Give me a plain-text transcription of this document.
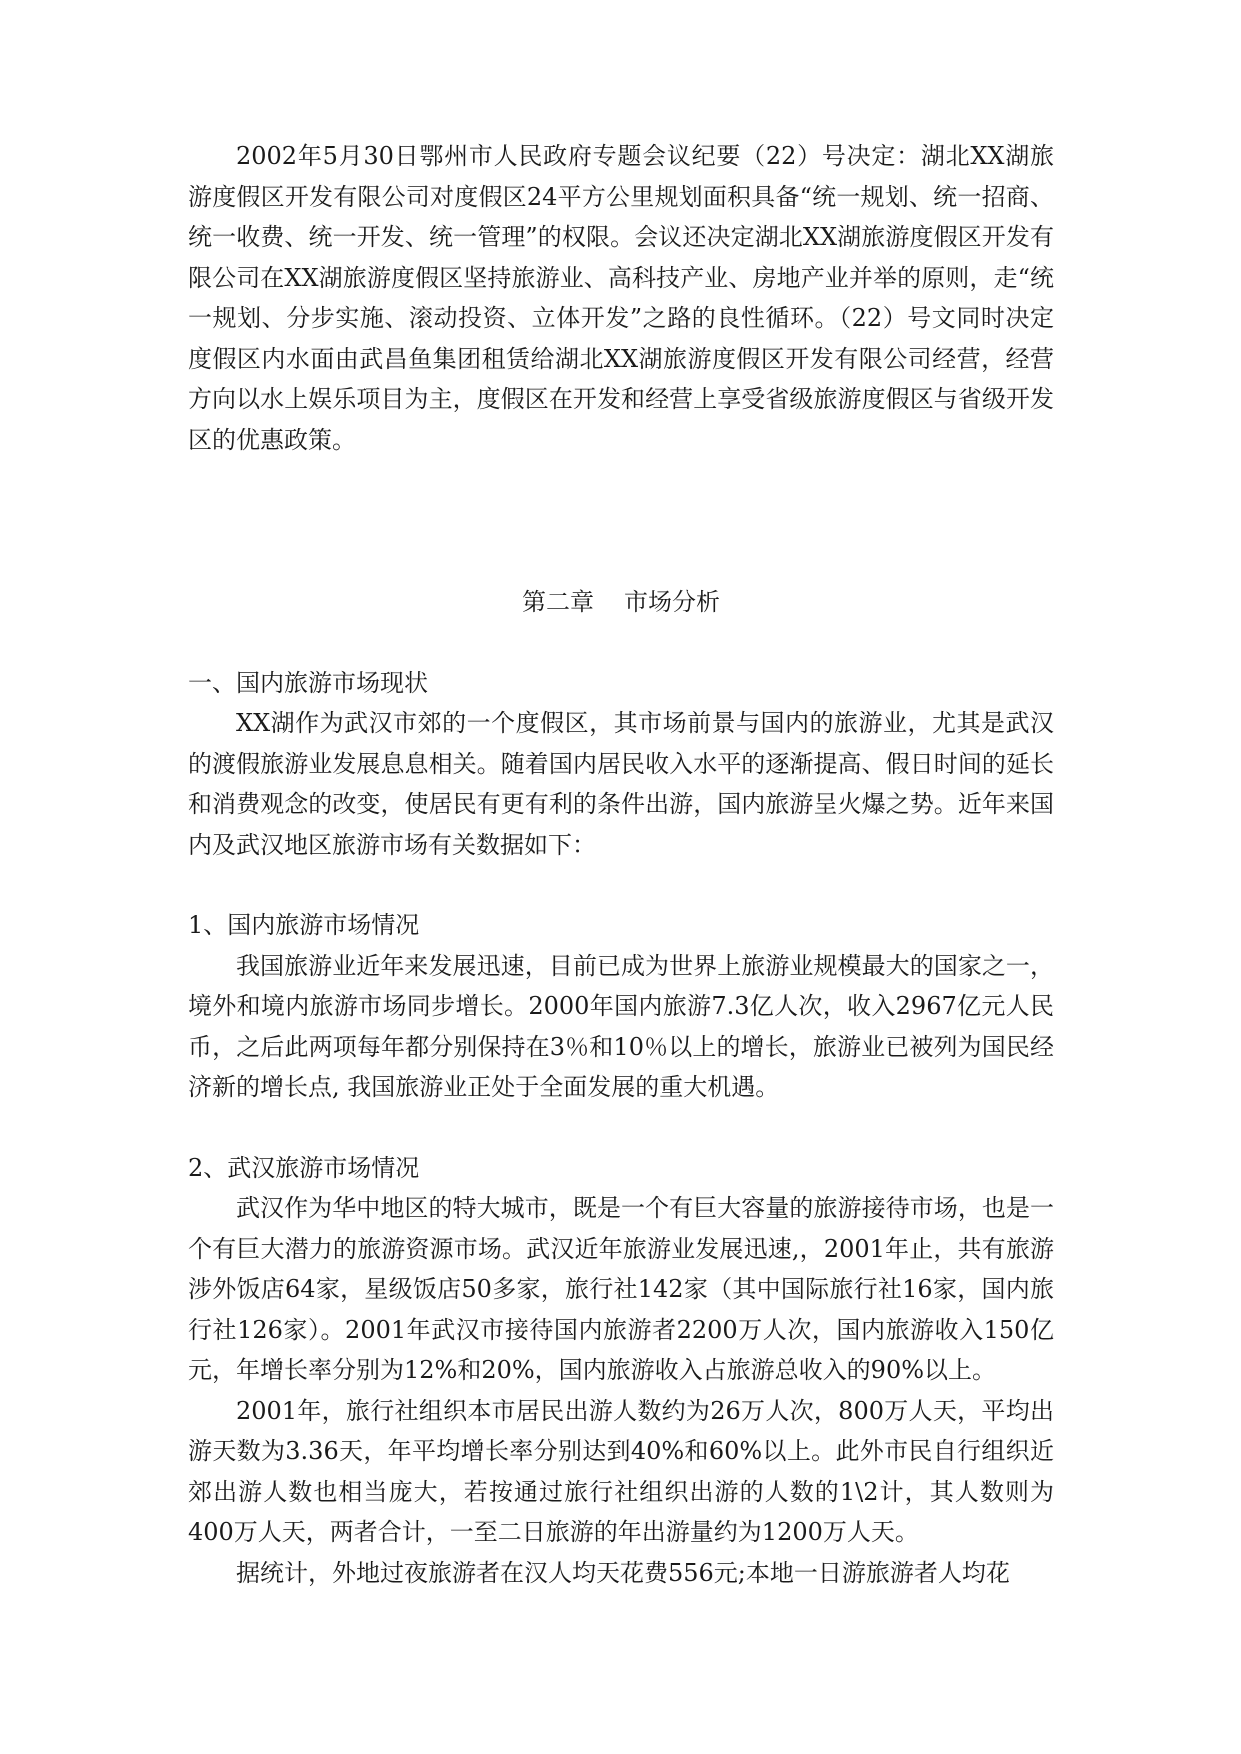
2002年5月30日鄂州市人民政府专题会议纪要（22）号决定：湖北XX湖旅游度假区开发有限公司对度假区24平方公里规划面积具备“统一规划、统一招商、统一收费、统一开发、统一管理”的权限。会议还决定湖北XX湖旅游度假区开发有限公司在XX湖旅游度假区坚持旅游业、高科技产业、房地产业并举的原则，走“统一规划、分步实施、滚动投资、立体开发”之路的良性循环。（22）号文同时决定度假区内水面由武昌鱼集团租赁给湖北XX湖旅游度假区开发有限公司经营，经营方向以水上娱乐项目为主，度假区在开发和经营上享受省级旅游度假区与省级开发区的优惠政策。

第二章 市场分析

一、国内旅游市场现状

XX湖作为武汉市郊的一个度假区，其市场前景与国内的旅游业，尤其是武汉的渡假旅游业发展息息相关。随着国内居民收入水平的逐渐提高、假日时间的延长和消费观念的改变，使居民有更有利的条件出游，国内旅游呈火爆之势。近年来国内及武汉地区旅游市场有关数据如下：

1、国内旅游市场情况

我国旅游业近年来发展迅速，目前已成为世界上旅游业规模最大的国家之一，境外和境内旅游市场同步增长。2000年国内旅游7.3亿人次，收入2967亿元人民币，之后此两项每年都分别保持在3％和10％以上的增长，旅游业已被列为国民经济新的增长点, 我国旅游业正处于全面发展的重大机遇。

2、武汉旅游市场情况

武汉作为华中地区的特大城市，既是一个有巨大容量的旅游接待市场，也是一个有巨大潜力的旅游资源市场。武汉近年旅游业发展迅速,，2001年止，共有旅游涉外饭店64家，星级饭店50多家，旅行社142家（其中国际旅行社16家，国内旅行社126家）。2001年武汉市接待国内旅游者2200万人次，国内旅游收入150亿元，年增长率分别为12%和20%，国内旅游收入占旅游总收入的90%以上。

2001年，旅行社组织本市居民出游人数约为26万人次，800万人天，平均出游天数为3.36天，年平均增长率分别达到40%和60%以上。此外市民自行组织近郊出游人数也相当庞大，若按通过旅行社组织出游的人数的1\2计，其人数则为400万人天，两者合计，一至二日旅游的年出游量约为1200万人天。

据统计，外地过夜旅游者在汉人均天花费556元;本地一日游旅游者人均花
